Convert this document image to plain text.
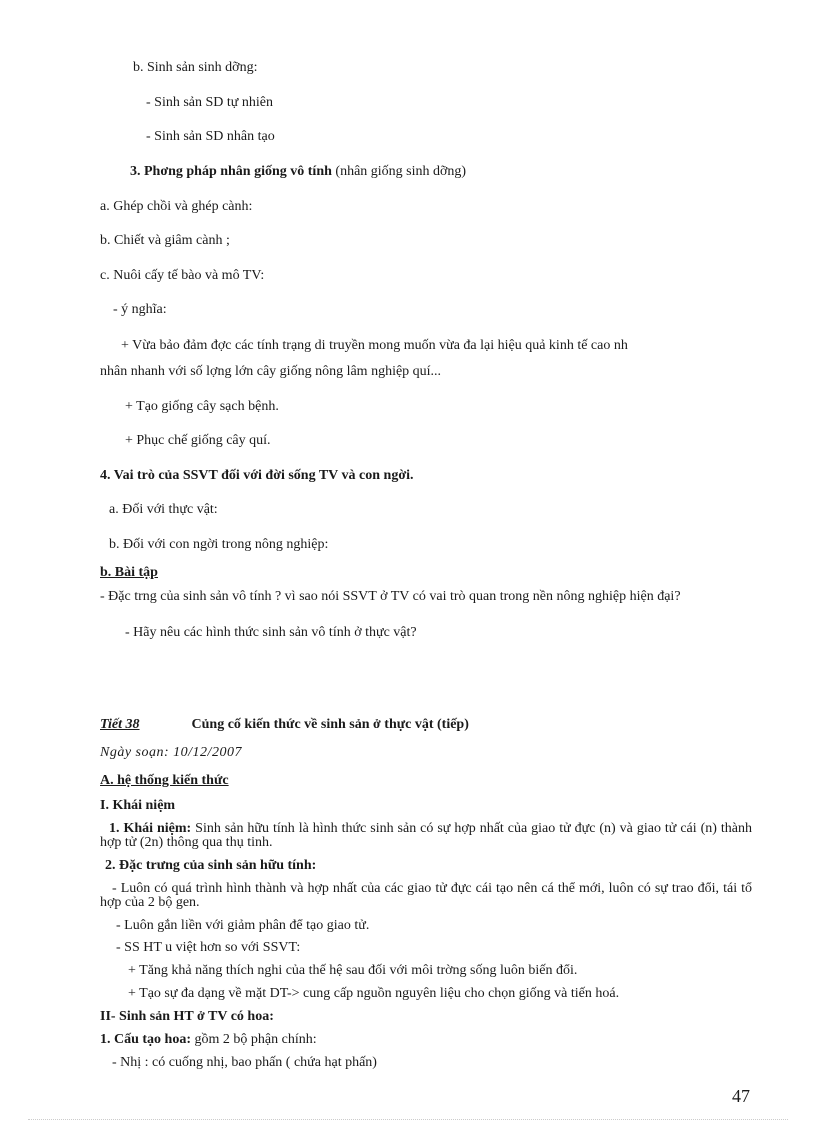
b. Sinh sản sinh dỡng:
- Sinh sản SD tự nhiên
- Sinh sản SD nhân tạo
3. Phơng pháp nhân giống vô tính (nhân giống sinh dỡng)
a. Ghép chồi và ghép cành:
b. Chiết và giâm cành ;
c. Nuôi cấy tế bào và mô TV:
- ý nghĩa:
+ Vừa bảo đảm đợc các tính trạng di truyền mong muốn vừa đa lại hiệu quả kinh tế cao nh
nhân nhanh với số lợng lớn cây giống nông lâm nghiệp quí...
+ Tạo giống cây sạch bệnh.
+ Phục chế giống cây quí.
4. Vai trò của SSVT đối với đời sống TV và con ngời.
a. Đối với thực vật:
b. Đối với con ngời trong nông nghiệp:
b. Bài tập
- Đặc trng của sinh sản vô tính ? vì sao nói SSVT ở TV có vai trò quan trong nền nông nghiệp hiện đại?
- Hãy nêu các hình thức sinh sản vô tính ở thực vật?
Tiết 38	Củng cố kiến thức về sinh sản ở thực vật (tiếp)
Ngày soạn: 10/12/2007
A. hệ thống kiến thức
I. Khái niệm
1. Khái niệm: Sinh sản hữu tính là hình thức sinh sản có sự hợp nhất của giao tử đực (n) và giao tử cái (n) thành hợp tử (2n) thông qua thụ tinh.
2. Đặc trưng của sinh sản hữu tính:
- Luôn có quá trình hình thành và hợp nhất của các giao tử đực cái tạo nên cá thể mới, luôn có sự trao đổi, tái tổ hợp của 2 bộ gen.
- Luôn gắn liền với giảm phân để tạo giao tử.
- SS HT u việt hơn so với SSVT:
+ Tăng khả năng thích nghi của thế hệ sau đối với môi trờng sống luôn biến đổi.
+ Tạo sự đa dạng về mặt DT-> cung cấp nguồn nguyên liệu cho chọn giống và tiến hoá.
II- Sinh sản HT ở TV có hoa:
1. Cấu tạo hoa: gồm 2 bộ phận chính:
- Nhị : có cuống nhị, bao phấn ( chứa hạt phấn)
47
